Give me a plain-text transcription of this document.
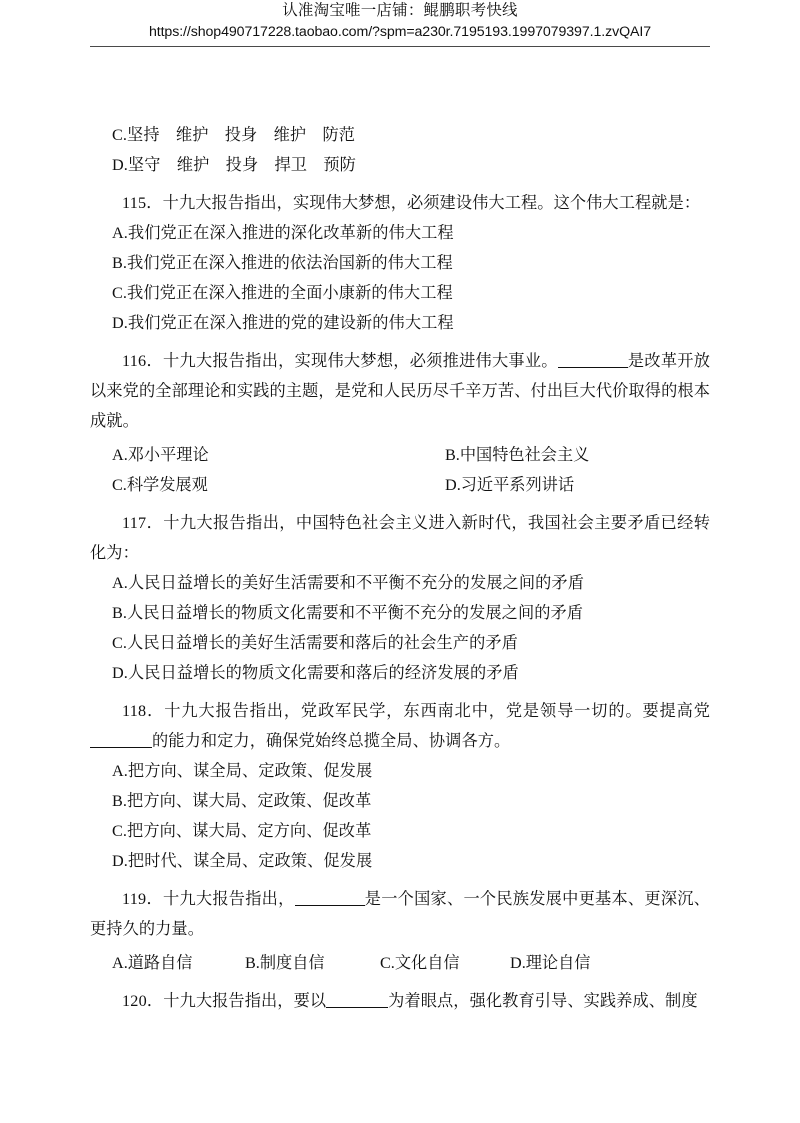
认准淘宝唯一店铺：鲲鹏职考快线
https://shop490717228.taobao.com/?spm=a230r.7195193.1997079397.1.zvQAI7
C.坚持　维护　投身　维护　防范
D.坚守　维护　投身　捍卫　预防
115．十九大报告指出，实现伟大梦想，必须建设伟大工程。这个伟大工程就是：
A.我们党正在深入推进的深化改革新的伟大工程
B.我们党正在深入推进的依法治国新的伟大工程
C.我们党正在深入推进的全面小康新的伟大工程
D.我们党正在深入推进的党的建设新的伟大工程
116．十九大报告指出，实现伟大梦想，必须推进伟大事业。	是改革开放以来党的全部理论和实践的主题，是党和人民历尽千辛万苦、付出巨大代价取得的根本成就。
A.邓小平理论	B.中国特色社会主义
C.科学发展观	D.习近平系列讲话
117．十九大报告指出，中国特色社会主义进入新时代，我国社会主要矛盾已经转化为：
A.人民日益增长的美好生活需要和不平衡不充分的发展之间的矛盾
B.人民日益增长的物质文化需要和不平衡不充分的发展之间的矛盾
C.人民日益增长的美好生活需要和落后的社会生产的矛盾
D.人民日益增长的物质文化需要和落后的经济发展的矛盾
118．十九大报告指出，党政军民学，东西南北中，党是领导一切的。要提高党的能力和定力，确保党始终总揽全局、协调各方。
A.把方向、谋全局、定政策、促发展
B.把方向、谋大局、定政策、促改革
C.把方向、谋大局、定方向、促改革
D.把时代、谋全局、定政策、促发展
119．十九大报告指出，	是一个国家、一个民族发展中更基本、更深沉、更持久的力量。
A.道路自信	B.制度自信	C.文化自信	D.理论自信
120．十九大报告指出，要以	为着眼点，强化教育引导、实践养成、制度
